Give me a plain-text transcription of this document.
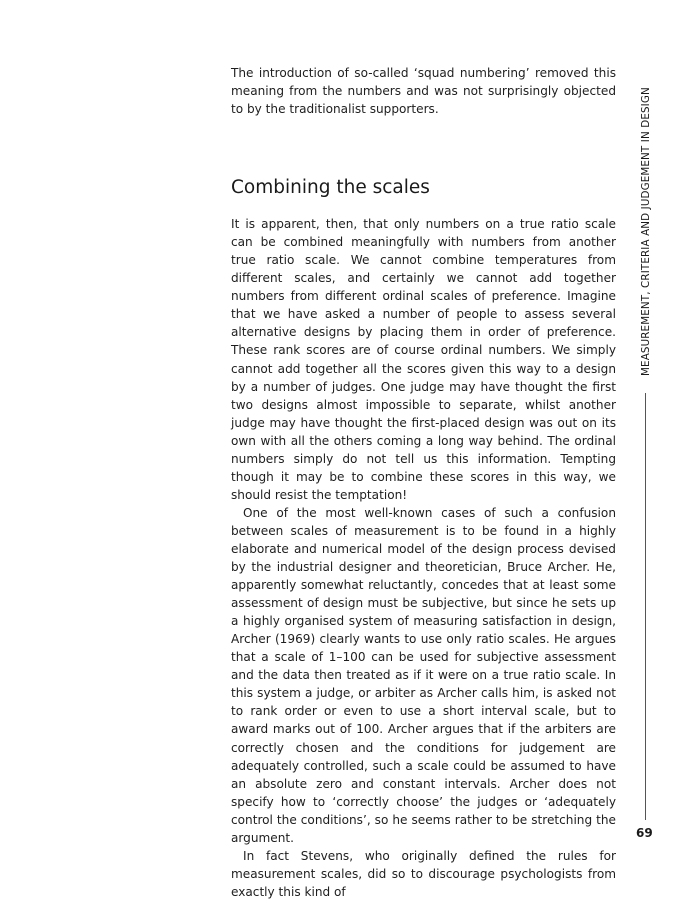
The introduction of so-called ‘squad numbering’ removed this meaning from the numbers and was not surprisingly objected to by the traditionalist supporters.

Combining the scales

It is apparent, then, that only numbers on a true ratio scale can be combined meaningfully with numbers from another true ratio scale. We cannot combine temperatures from different scales, and certainly we cannot add together numbers from different ordinal scales of preference. Imagine that we have asked a number of people to assess several alternative designs by placing them in order of preference. These rank scores are of course ordinal numbers. We simply cannot add together all the scores given this way to a design by a number of judges. One judge may have thought the first two designs almost impossible to separate, whilst another judge may have thought the first-placed design was out on its own with all the others coming a long way behind. The ordinal numbers simply do not tell us this information. Tempting though it may be to combine these scores in this way, we should resist the temptation!

One of the most well-known cases of such a confusion between scales of measurement is to be found in a highly elaborate and numerical model of the design process devised by the industrial designer and theoretician, Bruce Archer. He, apparently somewhat reluctantly, concedes that at least some assessment of design must be subjective, but since he sets up a highly organised system of measuring satisfaction in design, Archer (1969) clearly wants to use only ratio scales. He argues that a scale of 1–100 can be used for subjective assessment and the data then treated as if it were on a true ratio scale. In this system a judge, or arbiter as Archer calls him, is asked not to rank order or even to use a short interval scale, but to award marks out of 100. Archer argues that if the arbiters are correctly chosen and the conditions for judgement are adequately controlled, such a scale could be assumed to have an absolute zero and constant intervals. Archer does not specify how to ‘correctly choose’ the judges or ‘adequately control the conditions’, so he seems rather to be stretching the argument.

In fact Stevens, who originally defined the rules for measurement scales, did so to discourage psychologists from exactly this kind of

MEASUREMENT, CRITERIA AND JUDGEMENT IN DESIGN
69
